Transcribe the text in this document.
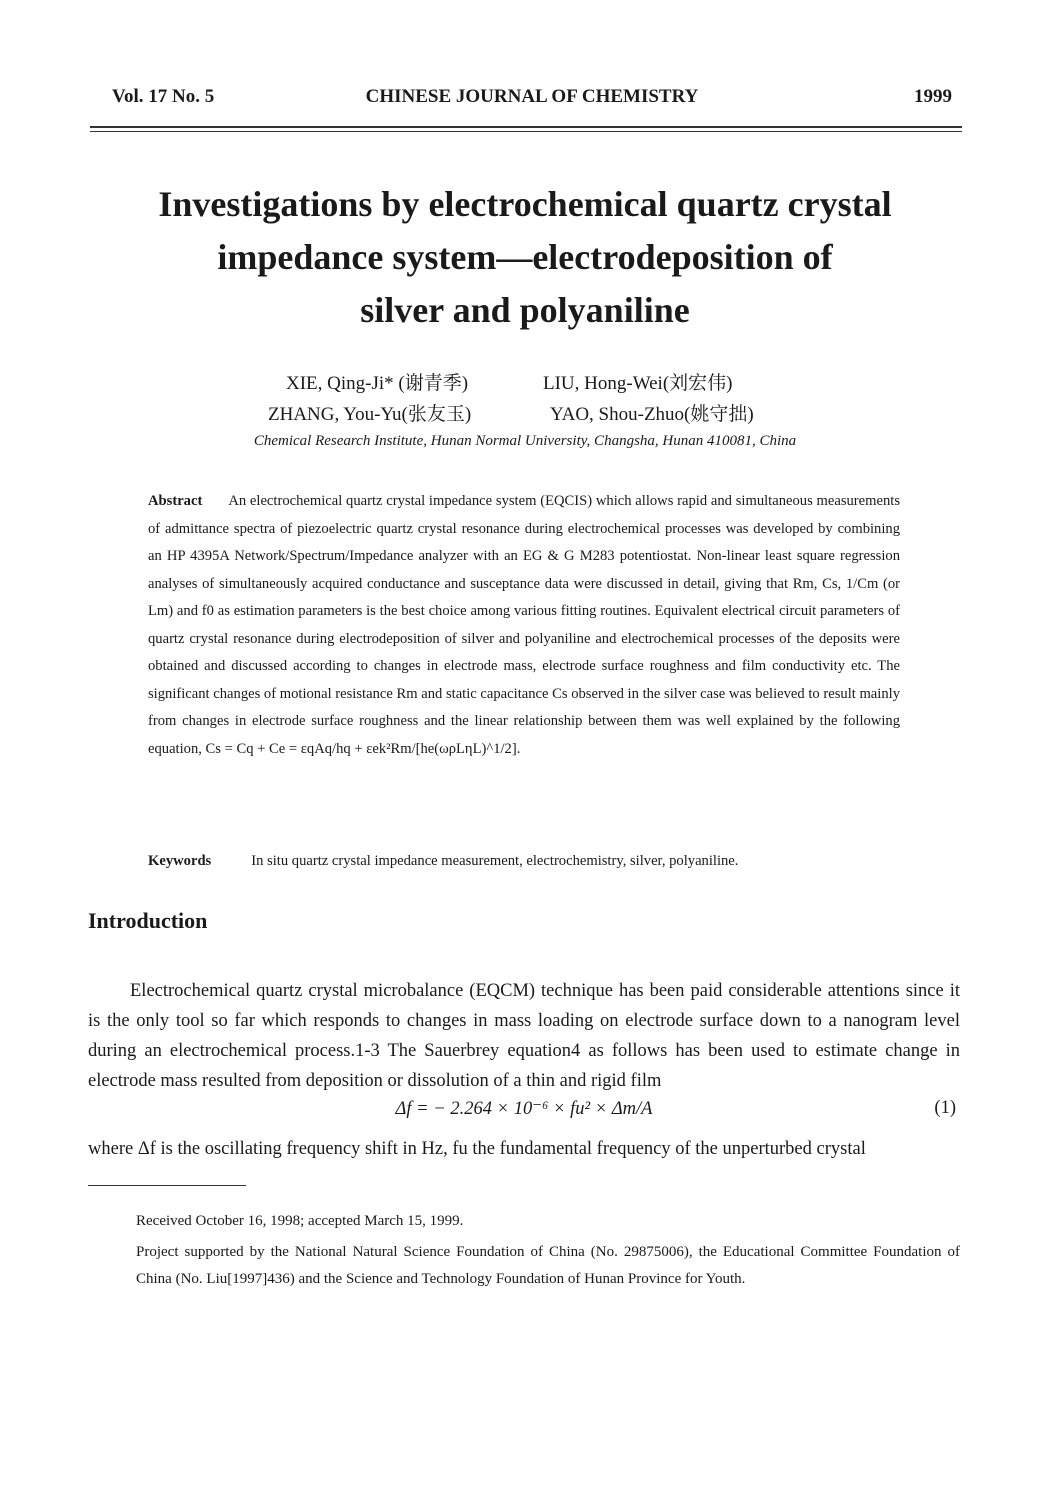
Vol. 17 No. 5	CHINESE JOURNAL OF CHEMISTRY	1999
Investigations by electrochemical quartz crystal
impedance system—electrodeposition of
silver and polyaniline
XIE, Qing-Ji* (谢青季)	LIU, Hong-Wei(刘宏伟)
ZHANG, You-Yu(张友玉)	YAO, Shou-Zhuo(姚守拙)
Chemical Research Institute, Hunan Normal University, Changsha, Hunan 410081, China
Abstract An electrochemical quartz crystal impedance system (EQCIS) which allows rapid and simultaneous measurements of admittance spectra of piezoelectric quartz crystal resonance during electrochemical processes was developed by combining an HP 4395A Network/Spectrum/Impedance analyzer with an EG & G M283 potentiostat. Non-linear least square regression analyses of simultaneously acquired conductance and susceptance data were discussed in detail, giving that Rm, Cs, 1/Cm (or Lm) and f0 as estimation parameters is the best choice among various fitting routines. Equivalent electrical circuit parameters of quartz crystal resonance during electrodeposition of silver and polyaniline and electrochemical processes of the deposits were obtained and discussed according to changes in electrode mass, electrode surface roughness and film conductivity etc. The significant changes of motional resistance Rm and static capacitance Cs observed in the silver case was believed to result mainly from changes in electrode surface roughness and the linear relationship between them was well explained by the following equation, Cs = Cq + Ce = εqAq/hq + εek²Rm/[he(ωρLηL)^1/2].
Keywords	In situ quartz crystal impedance measurement, electrochemistry, silver, polyaniline.
Introduction

Electrochemical quartz crystal microbalance (EQCM) technique has been paid considerable attentions since it is the only tool so far which responds to changes in mass loading on electrode surface down to a nanogram level during an electrochemical process.1-3 The Sauerbrey equation4 as follows has been used to estimate change in electrode mass resulted from deposition or dissolution of a thin and rigid film

Δf = − 2.264 × 10⁻⁶ × fu² × Δm/A	(1)
where Δf is the oscillating frequency shift in Hz, fu the fundamental frequency of the unperturbed crystal

Received October 16, 1998; accepted March 15, 1999.

Project supported by the National Natural Science Foundation of China (No. 29875006), the Educational Committee Foundation of China (No. Liu[1997]436) and the Science and Technology Foundation of Hunan Province for Youth.
